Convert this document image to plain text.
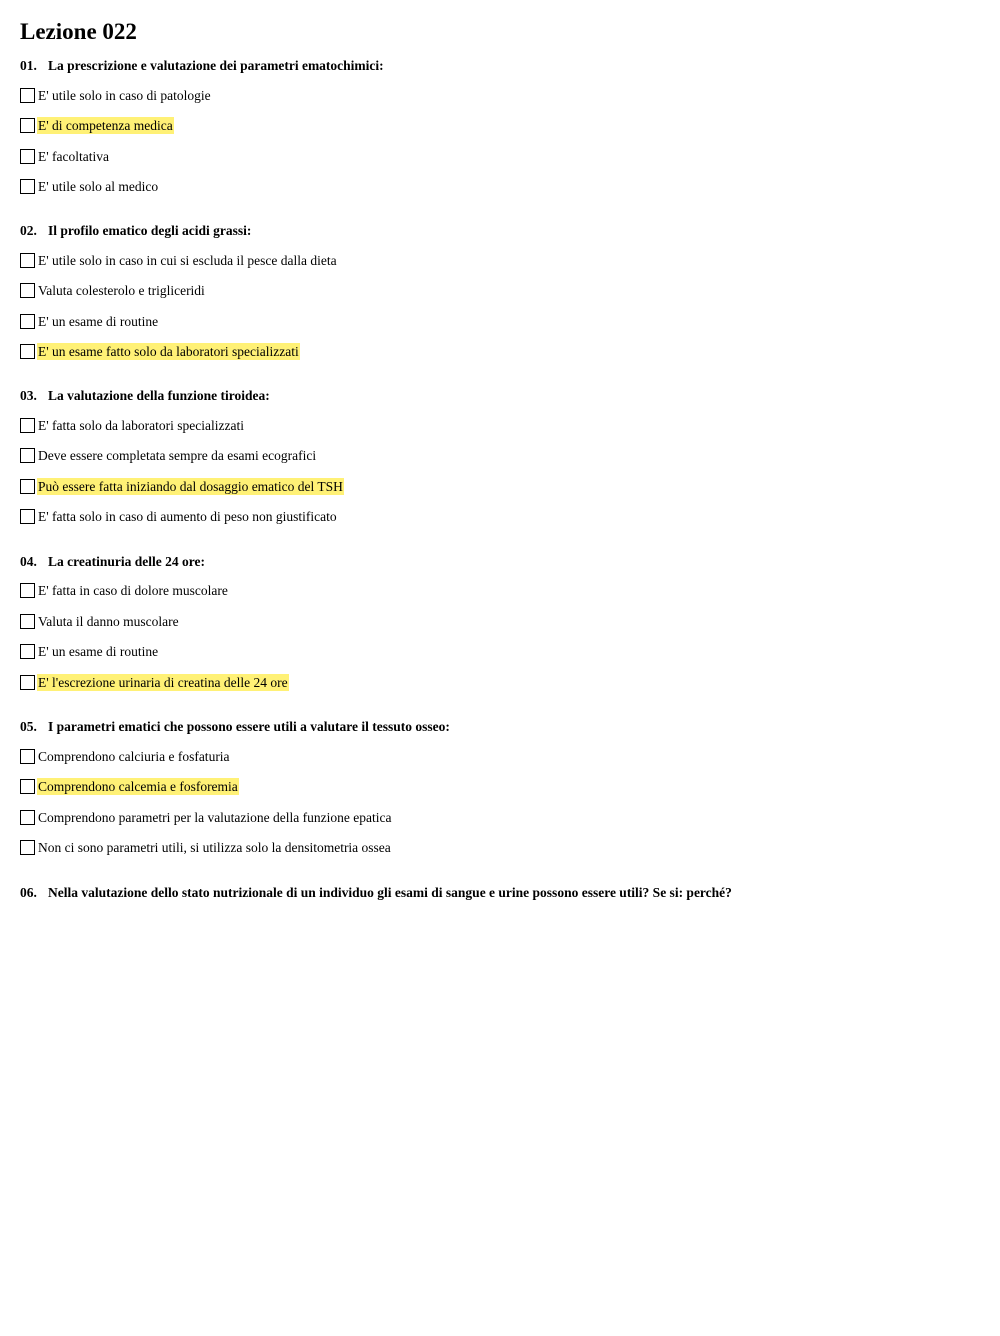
Lezione 022
01. La prescrizione e valutazione dei parametri ematochimici:
E' utile solo in caso di patologie
E' di competenza medica
E' facoltativa
E' utile solo al medico
02. Il profilo ematico degli acidi grassi:
E' utile solo in caso in cui si escluda il pesce dalla dieta
Valuta colesterolo e trigliceridi
E' un esame di routine
E' un esame fatto solo da laboratori specializzati
03. La valutazione della funzione tiroidea:
E' fatta solo da laboratori specializzati
Deve essere completata sempre da esami ecografici
Può essere fatta iniziando dal dosaggio ematico del TSH
E' fatta solo in caso di aumento di peso non giustificato
04. La creatinuria delle 24 ore:
E' fatta in caso di dolore muscolare
Valuta il danno muscolare
E' un esame di routine
E' l'escrezione urinaria di creatina delle 24 ore
05. I parametri ematici che possono essere utili a valutare il tessuto osseo:
Comprendono calciuria e fosfaturia
Comprendono calcemia e fosforemia
Comprendono parametri per la valutazione della funzione epatica
Non ci sono parametri utili, si utilizza solo la densitometria ossea
06. Nella valutazione dello stato nutrizionale di un individuo gli esami di sangue e urine possono essere utili? Se si: perché?
